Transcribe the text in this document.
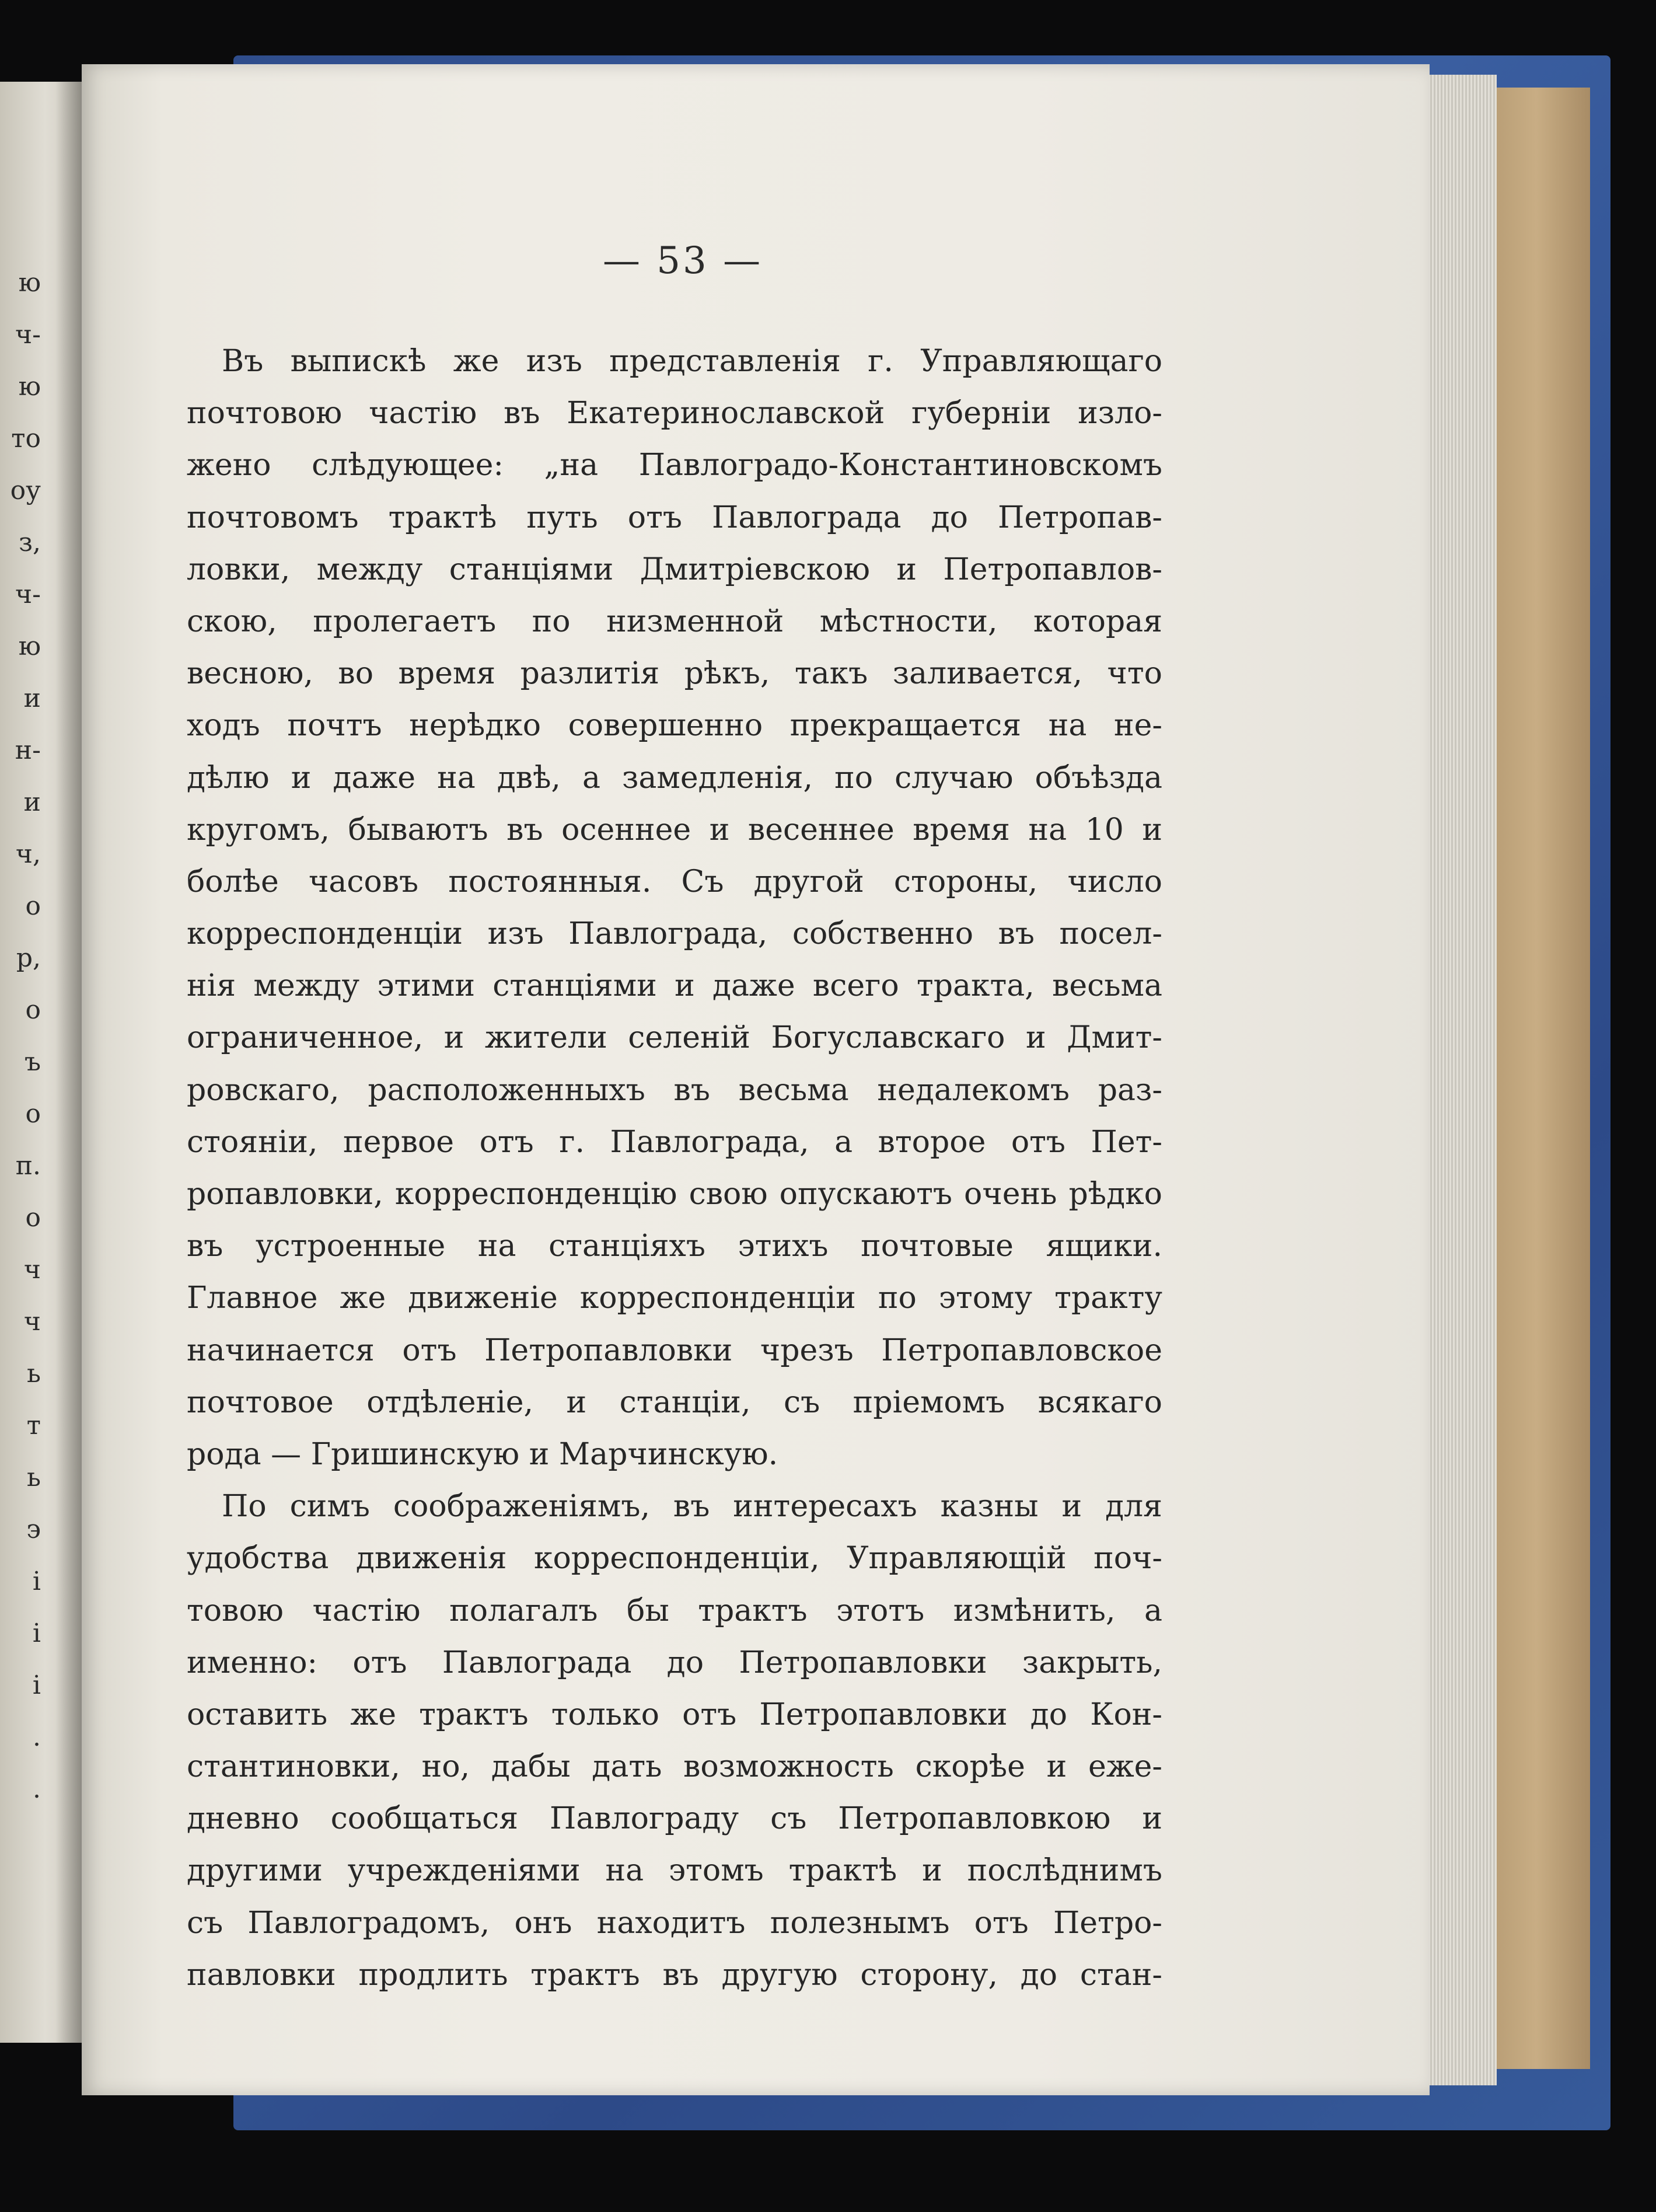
ю
ч-
ю
то
оу
з,
ч-
ю
и
н-
и
ч,
о
р,
о
ъ
о
п.
о
ч
ч
ь
т
ь
э
і
і
і
.
.
— 53 —
Въ выпискѣ же изъ представленія г. Управляющаго
почтовою частію въ Екатеринославской губерніи изло-
жено слѣдующее: „на Павлоградо-Константиновскомъ
почтовомъ трактѣ путь отъ Павлограда до Петропав-
ловки, между станціями Дмитріевскою и Петропавлов-
скою, пролегаетъ по низменной мѣстности, которая
весною, во время разлитія рѣкъ, такъ заливается, что
ходъ почтъ нерѣдко совершенно прекращается на не-
дѣлю и даже на двѣ, а замедленія, по случаю объѣзда
кругомъ, бываютъ въ осеннее и весеннее время на 10 и
болѣе часовъ постоянныя. Съ другой стороны, число
корреспонденціи изъ Павлограда, собственно въ посел-
нія между этими станціями и даже всего тракта, весьма
ограниченное, и жители селеній Богуславскаго и Дмит-
ровскаго, расположенныхъ въ весьма недалекомъ раз-
стояніи, первое отъ г. Павлограда, а второе отъ Пет-
ропавловки, корреспонденцію свою опускаютъ очень рѣдко
въ устроенные на станціяхъ этихъ почтовые ящики.
Главное же движеніе корреспонденціи по этому тракту
начинается отъ Петропавловки чрезъ Петропавловское
почтовое отдѣленіе, и станціи, съ пріемомъ всякаго
рода — Гришинскую и Марчинскую.
По симъ соображеніямъ, въ интересахъ казны и для
удобства движенія корреспонденціи, Управляющій поч-
товою частію полагалъ бы трактъ этотъ измѣнить, а
именно: отъ Павлограда до Петропавловки закрыть,
оставить же трактъ только отъ Петропавловки до Кон-
стантиновки, но, дабы дать возможность скорѣе и еже-
дневно сообщаться Павлограду съ Петропавловкою и
другими учрежденіями на этомъ трактѣ и послѣднимъ
съ Павлоградомъ, онъ находитъ полезнымъ отъ Петро-
павловки продлить трактъ въ другую сторону, до стан-
